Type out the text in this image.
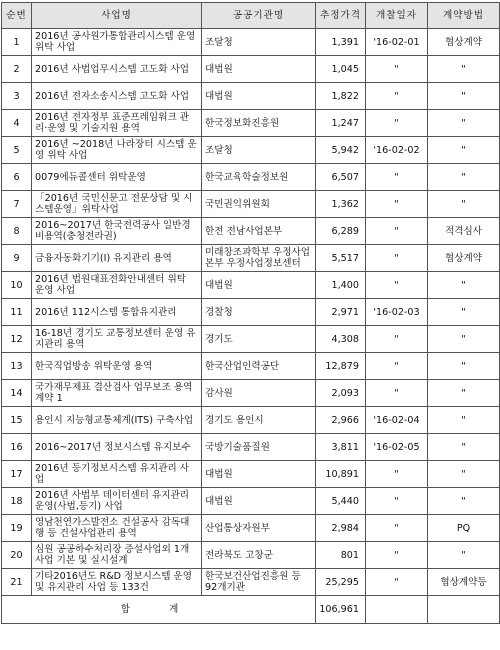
순번	사업명	공공기관명	추정가격	개찰일자	계약방법
1	2016년 공사원가통합관리시스템 운영 위탁 사업	조달청	1,391	'16-02-01	협상계약
2	2016년 사법업무시스템 고도화 사업	대법원	1,045	"	"
3	2016년 전자소송시스템 고도화 사업	대법원	1,822	"	"
4	2016년 전자정부 표준프레임워크 관리·운영 및 기술지원 용역	한국정보화진흥원	1,247	"	"
5	2016년 ~2018년 나라장터 시스템 운영 위탁 사업	조달청	5,942	'16-02-02	"
6	0079에듀콜센터 위탁운영	한국교육학술정보원	6,507	"	"
7	「2016년 국민신문고 전문상담 및 시스템운영」위탁사업	국민권익위원회	1,362	"	"
8	2016~2017년 한국전력공사 일반경비용역(충청전라권)	한전 전남사업본부	6,289	"	적격심사
9	금융자동화기기(Ⅰ) 유지관리 용역	미래창조과학부 우정사업본부 우정사업정보센터	5,517	"	협상계약
10	2016년 법원대표전화안내센터 위탁 운영 사업	대법원	1,400	"	"
11	2016년 112시스템 통합유지관리	경찰청	2,971	'16-02-03	"
12	16-18년 경기도 교통정보센터 운영 유지관리 용역	경기도	4,308	"	"
13	한국직업방송 위탁운영 용역	한국산업인력공단	12,879	"	"
14	국가재무제표 결산검사 업무보조 용역계약 1	감사원	2,093	"	"
15	용인시 지능형교통체계(ITS) 구축사업	경기도 용인시	2,966	'16-02-04	"
16	2016~2017년 정보시스템 유지보수	국방기술품질원	3,811	'16-02-05	"
17	2016년 등기정보시스템 유지관리 사업	대법원	10,891	"	"
18	2016년 사법부 데이터센터 유지관리운영(사법,등기) 사업	대법원	5,440	"	"
19	영남천연가스발전소 건설공사 감독대행 등 건설사업관리 용역	산업통상자원부	2,984	"	PQ
20	심원 공공하수처리장 증설사업외 1개 사업 기본 및 실시설계	전라북도 고창군	801	"	"
21	기타2016년도 R&D 정보시스템 운영 및 유지관리 사업 등 133건	한국보건산업진흥원 등 92개기관	25,295	"	협상계약등
합 계			106,961		
